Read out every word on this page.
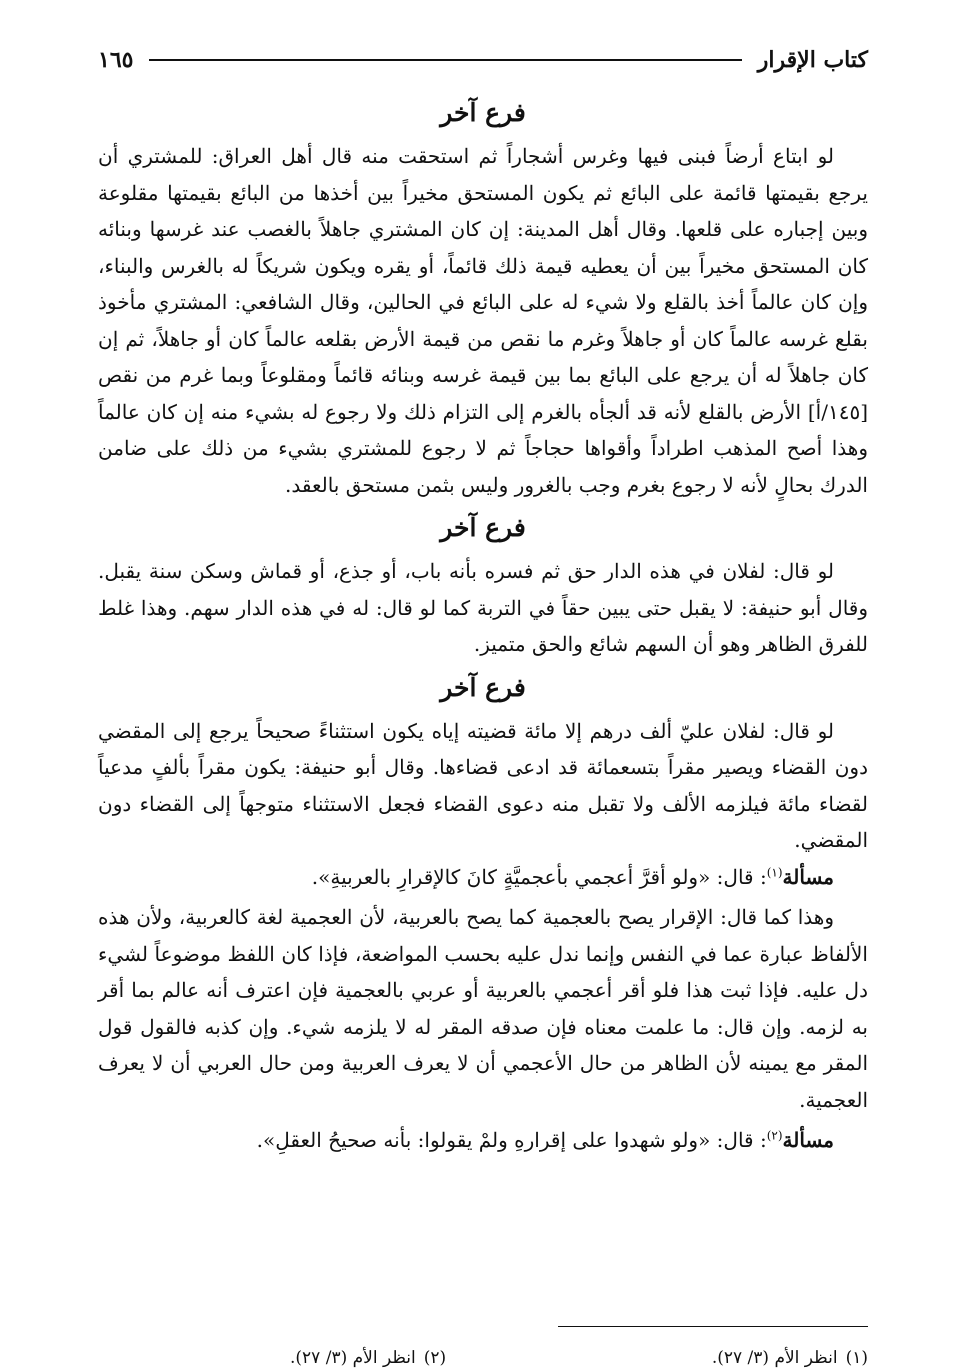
كتاب الإقرار
١٦٥
فرع آخر

لو ابتاع أرضاً فبنى فيها وغرس أشجاراً ثم استحقت منه قال أهل العراق: للمشتري أن يرجع بقيمتها قائمة على البائع ثم يكون المستحق مخيراً بين أخذها من البائع بقيمتها مقلوعة وبين إجباره على قلعها. وقال أهل المدينة: إن كان المشتري جاهلاً بالغصب عند غرسها وبنائه كان المستحق مخيراً بين أن يعطيه قيمة ذلك قائماً، أو يقره ويكون شريكاً له بالغرس والبناء، وإن كان عالماً أخذ بالقلع ولا شيء له على البائع في الحالين، وقال الشافعي: المشتري مأخوذ بقلع غرسه عالماً كان أو جاهلاً وغرم ما نقص من قيمة الأرض بقلعه عالماً كان أو جاهلاً، ثم إن كان جاهلاً له أن يرجع على البائع بما بين قيمة غرسه وبنائه قائماً ومقلوعاً وبما غرم من نقص [١٤٥/أ] الأرض بالقلع لأنه قد ألجأه بالغرم إلى التزام ذلك ولا رجوع له بشيء منه إن كان عالماً وهذا أصح المذهب اطراداً وأقواها حجاجاً ثم لا رجوع للمشتري بشيء من ذلك على ضامن الدرك بحالٍ لأنه لا رجوع بغرم وجب بالغرور وليس بثمن مستحق بالعقد.

فرع آخر

لو قال: لفلان في هذه الدار حق ثم فسره بأنه باب، أو جذع، أو قماش وسكن سنة يقبل. وقال أبو حنيفة: لا يقبل حتى يبين حقاً في التربة كما لو قال: له في هذه الدار سهم. وهذا غلط للفرق الظاهر وهو أن السهم شائع والحق متميز.

فرع آخر

لو قال: لفلان عليّ ألف درهم إلا مائة قضيته إياه يكون استثناءً صحيحاً يرجع إلى المقضي دون القضاء ويصير مقراً بتسعمائة قد ادعى قضاءها. وقال أبو حنيفة: يكون مقراً بألفٍ مدعياً لقضاء مائة فيلزمه الألف ولا تقبل منه دعوى القضاء فجعل الاستثناء متوجهاً إلى القضاء دون المقضي.

مسألة$^{(١)}$: قال: «ولو أقرَّ أعجمي بأعجميَّةٍ كانَ كالإقرارِ بالعربيةِ».

وهذا كما قال: الإقرار يصح بالعجمية كما يصح بالعربية، لأن العجمية لغة كالعربية، ولأن هذه الألفاظ عبارة عما في النفس وإنما ندل عليه بحسب المواضعة، فإذا كان اللفظ موضوعاً لشيء دل عليه. فإذا ثبت هذا فلو أقر أعجمي بالعربية أو عربي بالعجمية فإن اعترف أنه عالم بما أقر به لزمه. وإن قال: ما علمت معناه فإن صدقه المقر له لا يلزمه شيء. وإن كذبه فالقول قول المقر مع يمينه لأن الظاهر من حال الأعجمي أن لا يعرف العربية ومن حال العربي أن لا يعرف العجمية.

مسألة$^{(٢)}$: قال: «ولو شهدوا على إقرارهِ ولمْ يقولوا: بأنه صحيحُ العقلِ».

(١)انظر الأم (٣/ ٢٧).
(٢)انظر الأم (٣/ ٢٧).
